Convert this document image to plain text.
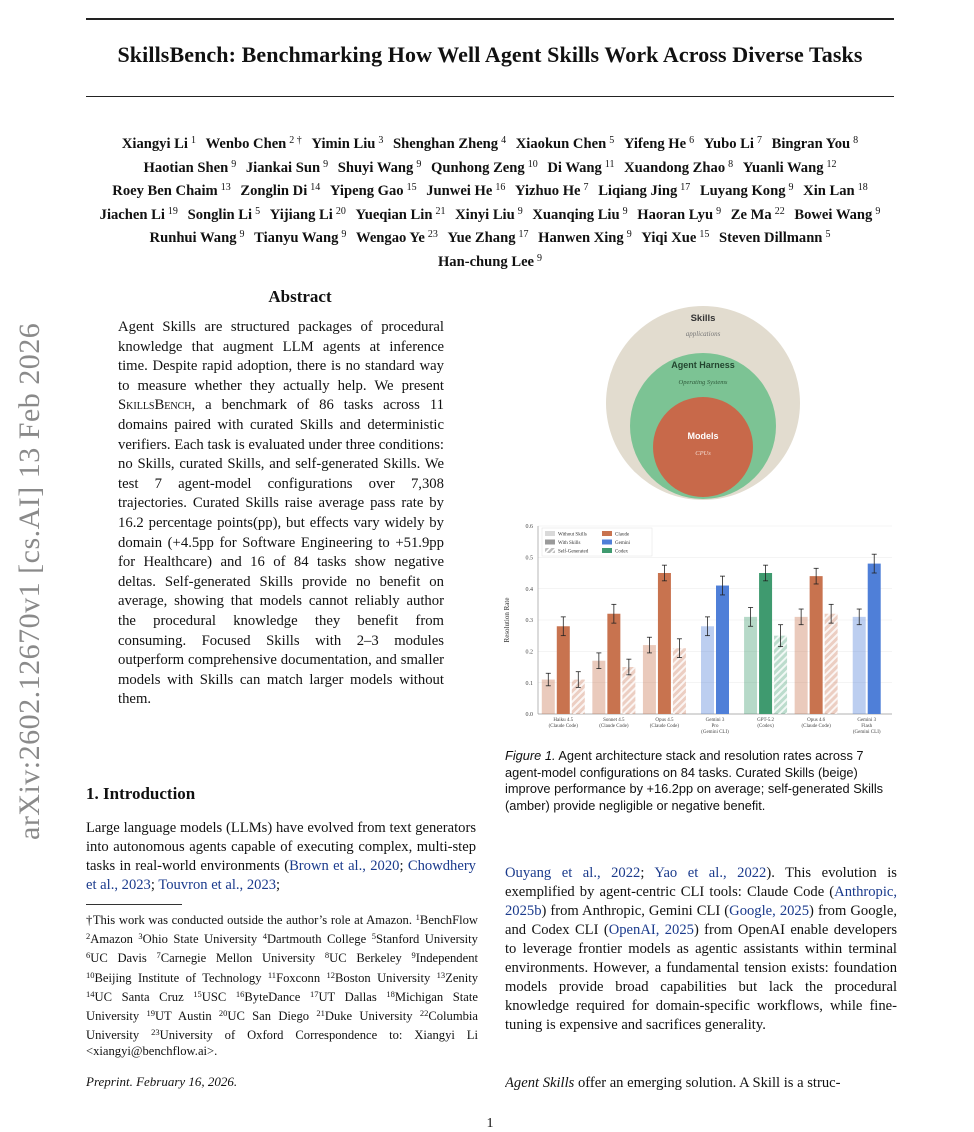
SkillsBench: Benchmarking How Well Agent Skills Work Across Diverse Tasks
Xiangyi Li $^1$ Wenbo Chen $^{2 \dagger}$ Yimin Liu $^3$ Shenghan Zheng $^4$ Xiaokun Chen $^5$ Yifeng He $^6$ Yubo Li $^7$ Bingran You $^8$ Haotian Shen $^9$ Jiankai Sun $^9$ Shuyi Wang $^9$ Qunhong Zeng $^{10}$ Di Wang $^{11}$ Xuandong Zhao $^8$ Yuanli Wang $^{12}$ Roey Ben Chaim $^{13}$ Zonglin Di $^{14}$ Yipeng Gao $^{15}$ Junwei He $^{16}$ Yizhuo He $^7$ Liqiang Jing $^{17}$ Luyang Kong $^9$ Xin Lan $^{18}$ Jiachen Li $^{19}$ Songlin Li $^5$ Yijiang Li $^{20}$ Yueqian Lin $^{21}$ Xinyi Liu $^9$ Xuanqing Liu $^9$ Haoran Lyu $^9$ Ze Ma $^{22}$ Bowei Wang $^9$ Runhui Wang $^9$ Tianyu Wang $^9$ Wengao Ye $^{23}$ Yue Zhang $^{17}$ Hanwen Xing $^9$ Yiqi Xue $^{15}$ Steven Dillmann $^5$ Han-chung Lee $^9$
arXiv:2602.12670v1 [cs.AI] 13 Feb 2026
Abstract

Agent Skills are structured packages of procedural knowledge that augment LLM agents at inference time. Despite rapid adoption, there is no standard way to measure whether they actually help. We present SkillsBench, a benchmark of 86 tasks across 11 domains paired with curated Skills and deterministic verifiers. Each task is evaluated under three conditions: no Skills, curated Skills, and self-generated Skills. We test 7 agent-model configurations over 7,308 trajectories. Curated Skills raise average pass rate by 16.2 percentage points(pp), but effects vary widely by domain (+4.5pp for Software Engineering to +51.9pp for Healthcare) and 16 of 84 tasks show negative deltas. Self-generated Skills provide no benefit on average, showing that models cannot reliably author the procedural knowledge they benefit from consuming. Focused Skills with 2–3 modules outperform comprehensive documentation, and smaller models with Skills can match larger models without them.

Skills
applications
Agent Harness
Operating Systems
Models
CPUs
Resolution Rate
0.0
0.1
0.2
0.3
0.4
0.5
0.6
Haiku 4.5
(Claude Code)
Sonnet 4.5
(Claude Code)
Opus 4.5
(Claude Code)
Gemini 3
Pro
(Gemini CLI)
GPT-5.2
(Codex)
Opus 4.6
(Claude Code)
Gemini 3
Flash
(Gemini CLI)
Without Skills
With Skills
Self-Generated
Claude
Gemini
Codex

Figure 1. Agent architecture stack and resolution rates across 7 agent-model configurations on 84 tasks. Curated Skills (beige) improve performance by +16.2pp on average; self-generated Skills (amber) provide negligible or negative benefit.

1. Introduction

Large language models (LLMs) have evolved from text generators into autonomous agents capable of executing complex, multi-step tasks in real-world environments (Brown et al., 2020; Chowdhery et al., 2023; Touvron et al., 2023;

Ouyang et al., 2022; Yao et al., 2022). This evolution is exemplified by agent-centric CLI tools: Claude Code (Anthropic, 2025b) from Anthropic, Gemini CLI (Google, 2025) from Google, and Codex CLI (OpenAI, 2025) from OpenAI enable developers to leverage frontier models as agentic assistants within terminal environments. However, a fundamental tension exists: foundation models provide broad capabilities but lack the procedural knowledge required for domain-specific workflows, while fine-tuning is expensive and sacrifices generality.

Agent Skills offer an emerging solution. A Skill is a struc-

†This work was conducted outside the author’s role at Amazon. $^1$BenchFlow $^2$Amazon $^3$Ohio State University $^4$Dartmouth College $^5$Stanford University $^6$UC Davis $^7$Carnegie Mellon University $^8$UC Berkeley $^9$Independent $^{10}$Beijing Institute of Technology $^{11}$Foxconn $^{12}$Boston University $^{13}$Zenity $^{14}$UC Santa Cruz $^{15}$USC $^{16}$ByteDance $^{17}$UT Dallas $^{18}$Michigan State University $^{19}$UT Austin $^{20}$UC San Diego $^{21}$Duke University $^{22}$Columbia University $^{23}$University of Oxford Correspondence to: Xiangyi Li <xiangyi@benchflow.ai>.
Preprint. February 16, 2026.
1
